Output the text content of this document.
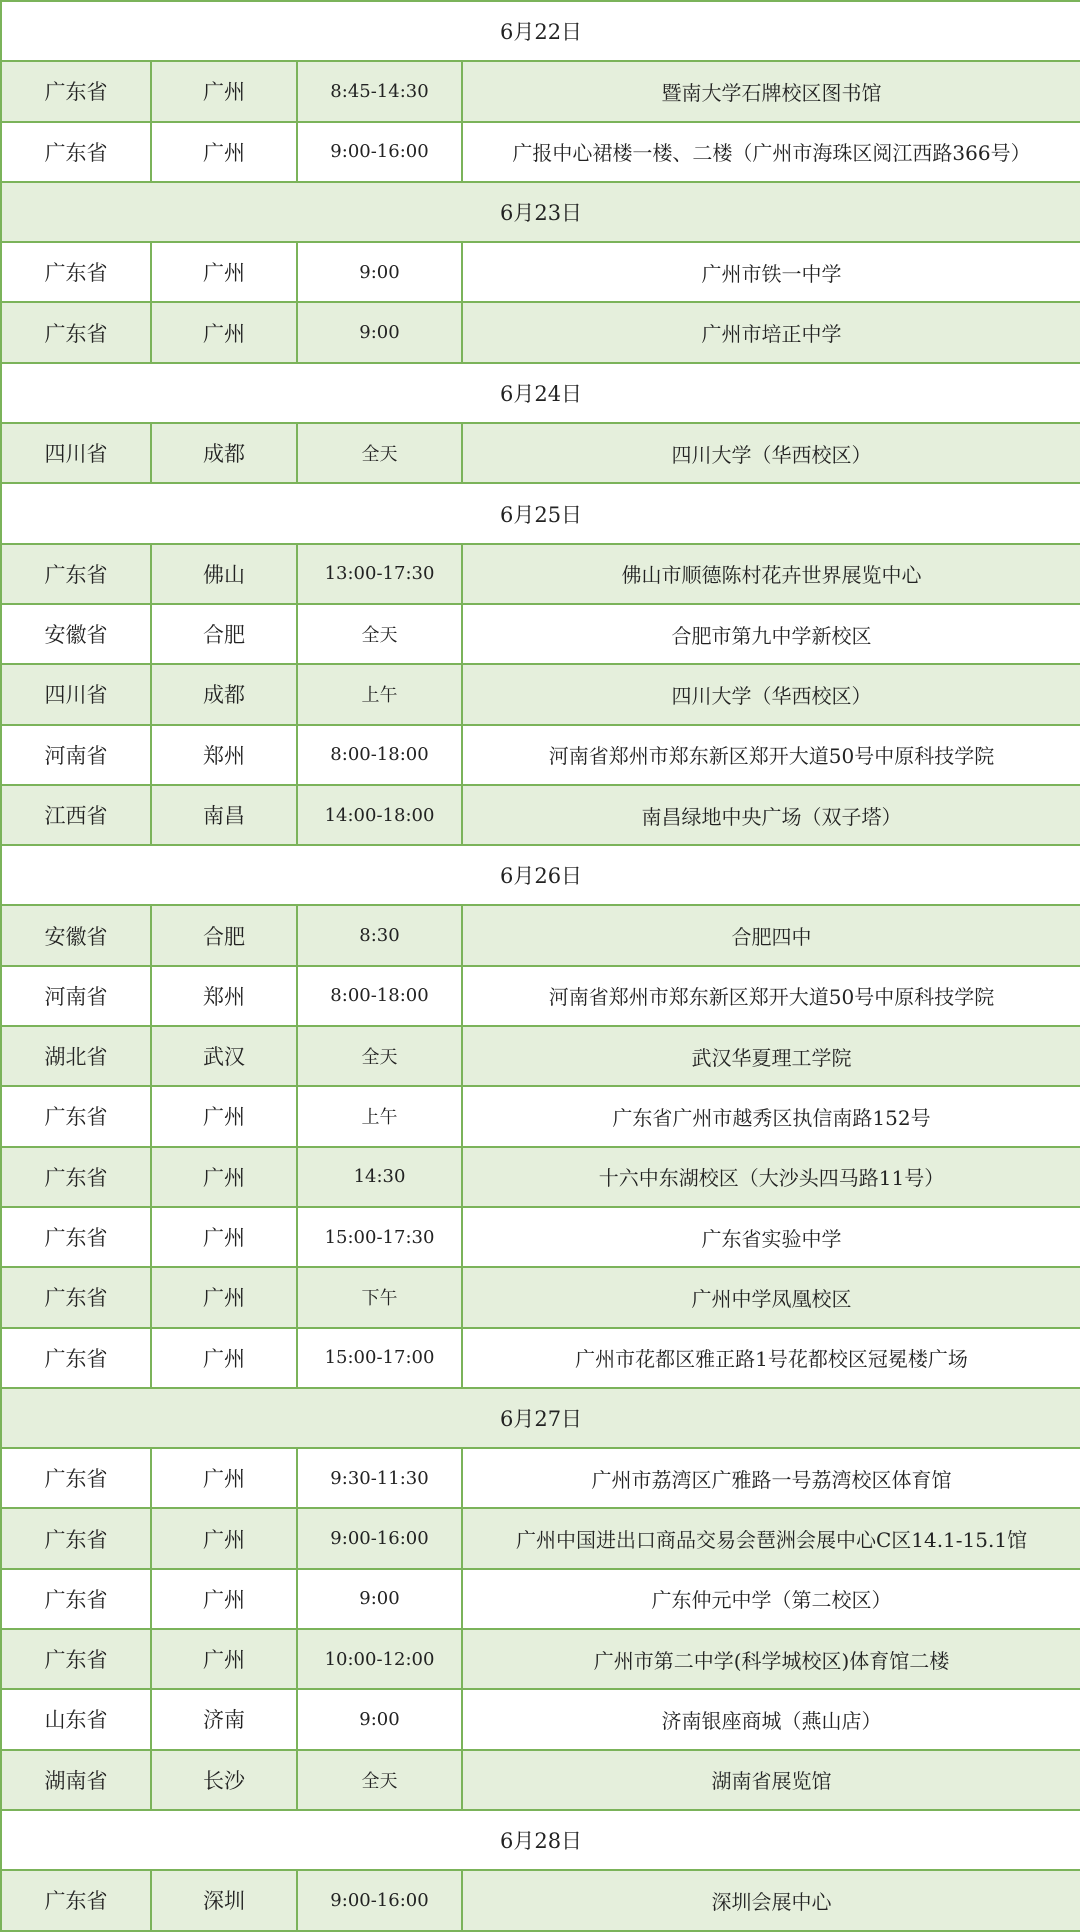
6月22日			
广东省	广州	8:45-14:30	暨南大学石牌校区图书馆
广东省	广州	9:00-16:00	广报中心裙楼一楼、二楼（广州市海珠区阅江西路366号）
6月23日			
广东省	广州	9:00	广州市铁一中学
广东省	广州	9:00	广州市培正中学
6月24日			
四川省	成都	全天	四川大学（华西校区）
6月25日			
广东省	佛山	13:00-17:30	佛山市顺德陈村花卉世界展览中心
安徽省	合肥	全天	合肥市第九中学新校区
四川省	成都	上午	四川大学（华西校区）
河南省	郑州	8:00-18:00	河南省郑州市郑东新区郑开大道50号中原科技学院
江西省	南昌	14:00-18:00	南昌绿地中央广场（双子塔）
6月26日			
安徽省	合肥	8:30	合肥四中
河南省	郑州	8:00-18:00	河南省郑州市郑东新区郑开大道50号中原科技学院
湖北省	武汉	全天	武汉华夏理工学院
广东省	广州	上午	广东省广州市越秀区执信南路152号
广东省	广州	14:30	十六中东湖校区（大沙头四马路11号）
广东省	广州	15:00-17:30	广东省实验中学
广东省	广州	下午	广州中学凤凰校区
广东省	广州	15:00-17:00	广州市花都区雅正路1号花都校区冠冕楼广场
6月27日			
广东省	广州	9:30-11:30	广州市荔湾区广雅路一号荔湾校区体育馆
广东省	广州	9:00-16:00	广州中国进出口商品交易会琶洲会展中心C区14.1-15.1馆
广东省	广州	9:00	广东仲元中学（第二校区）
广东省	广州	10:00-12:00	广州市第二中学(科学城校区)体育馆二楼
山东省	济南	9:00	济南银座商城（燕山店）
湖南省	长沙	全天	湖南省展览馆
6月28日			
广东省	深圳	9:00-16:00	深圳会展中心
